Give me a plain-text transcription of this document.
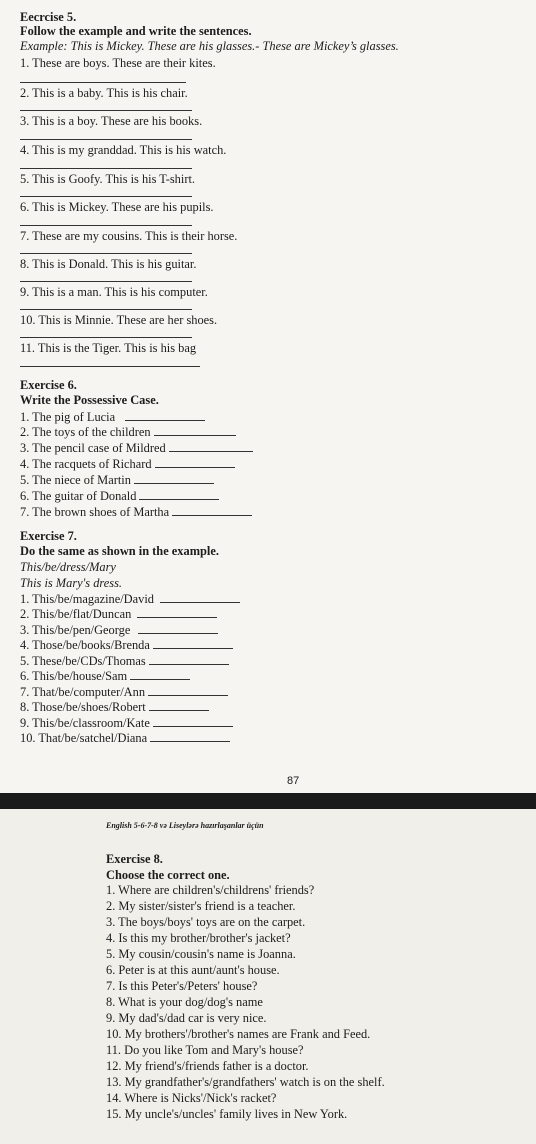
Eecrcise 5.
Follow the example and write the sentences.
Example: This is Mickey. These are his glasses.- These are Mickey’s glasses.
1. These are boys. These are their kites.
2. This is a baby. This is his chair.
3. This is a boy. These are his books.
4. This is my granddad. This is his watch.
5. This is Goofy. This is his T-shirt.
6. This is Mickey. These are his pupils.
7. These are my cousins. This is their horse.
8. This is Donald. This is his guitar.
9. This is a man. This is his computer.
10. This is Minnie. These are her shoes.
11. This is the Tiger. This is his bag
Exercise 6.
Write the Possessive Case.
1. The pig of Lucia
2. The toys of the children
3. The pencil case of Mildred
4. The racquets of Richard
5. The niece of Martin
6. The guitar of Donald
7. The brown shoes of Martha
Exercise 7.
Do the same as shown in the example.
This/be/dress/Mary
This is Mary's dress.
1. This/be/magazine/David
2. This/be/flat/Duncan
3. This/be/pen/George
4. Those/be/books/Brenda
5. These/be/CDs/Thomas
6. This/be/house/Sam
7. That/be/computer/Ann
8. Those/be/shoes/Robert
9. This/be/classroom/Kate
10. That/be/satchel/Diana
87
English 5-6-7-8 və Liseylərə hazırlaşanlar üçün
Exercise 8.
Choose the correct one.
1. Where are children's/childrens' friends?
2. My sister/sister's friend is a teacher.
3. The boys/boys' toys are on the carpet.
4. Is this my brother/brother's jacket?
5. My cousin/cousin's name is Joanna.
6. Peter is at this aunt/aunt's house.
7. Is this Peter's/Peters' house?
8. What is your dog/dog's name
9. My dad's/dad car is very nice.
10. My brothers'/brother's names are Frank and Feed.
11. Do you like Tom and Mary's house?
12. My friend's/friends father is a doctor.
13. My grandfather's/grandfathers' watch is on the shelf.
14. Where is Nicks'/Nick's racket?
15. My uncle's/uncles' family lives in New York.
